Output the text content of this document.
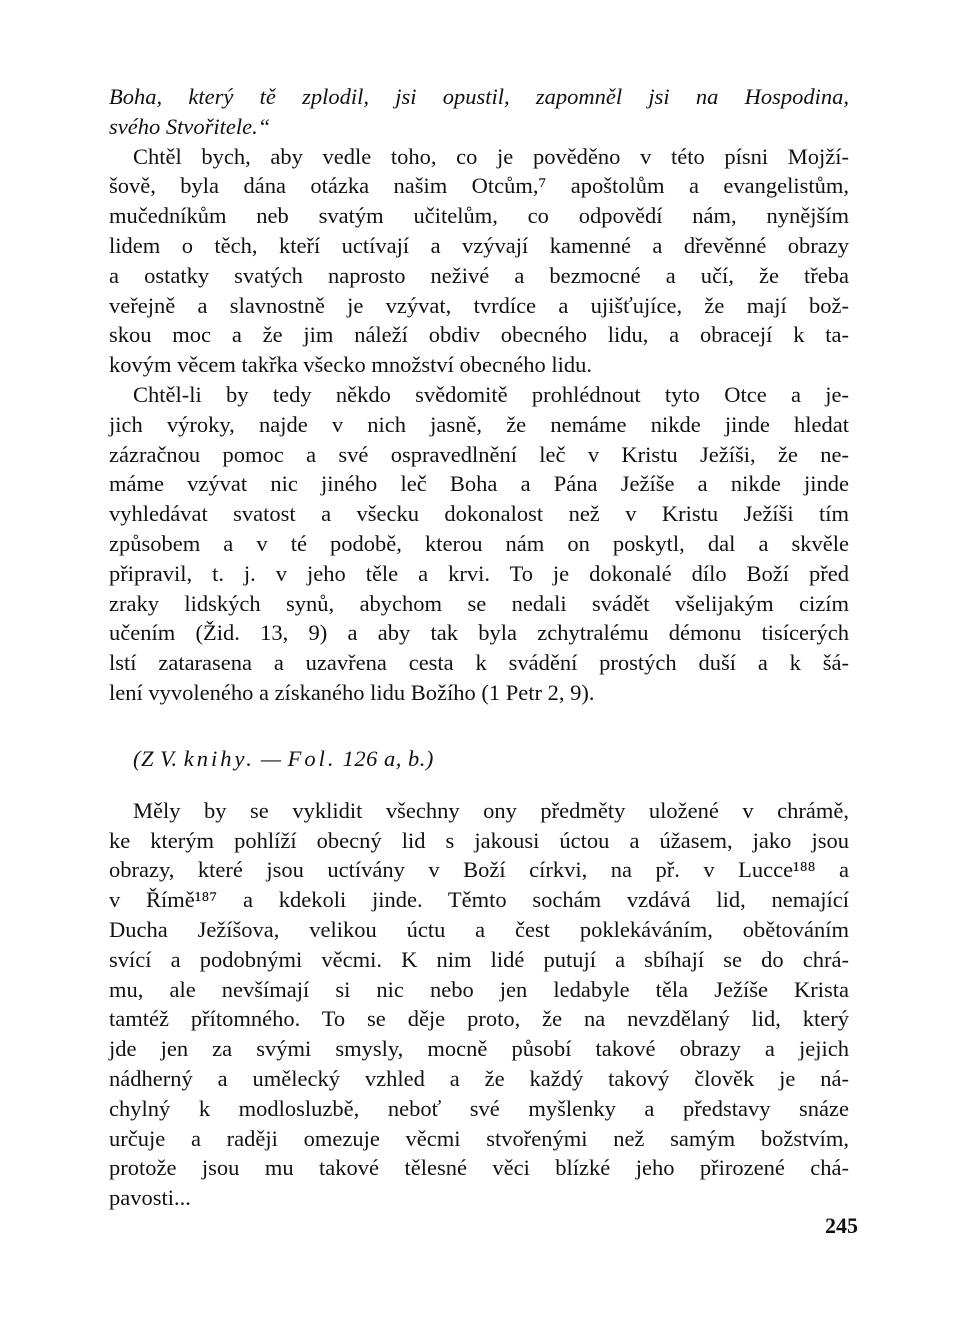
Boha, který tě zplodil, jsi opustil, zapomněl jsi na Hospodina,
svého Stvořitele.“
Chtěl bych, aby vedle toho, co je pověděno v této písni Mojží-
šově, byla dána otázka našim Otcům,⁷ apoštolům a evangelistům,
mučedníkům neb svatým učitelům, co odpovědí nám, nynějším
lidem o těch, kteří uctívají a vzývají kamenné a dřevěnné obrazy
a ostatky svatých naprosto neživé a bezmocné a učí, že třeba
veřejně a slavnostně je vzývat, tvrdíce a ujišťujíce, že mají bož-
skou moc a že jim náleží obdiv obecného lidu, a obracejí k ta-
kovým věcem takřka všecko množství obecného lidu.
Chtěl-li by tedy někdo svědomitě prohlédnout tyto Otce a je-
jich výroky, najde v nich jasně, že nemáme nikde jinde hledat
zázračnou pomoc a své ospravedlnění leč v Kristu Ježíši, že ne-
máme vzývat nic jiného leč Boha a Pána Ježíše a nikde jinde
vyhledávat svatost a všecku dokonalost než v Kristu Ježíši tím
způsobem a v té podobě, kterou nám on poskytl, dal a skvěle
připravil, t. j. v jeho těle a krvi. To je dokonalé dílo Boží před
zraky lidských synů, abychom se nedali svádět všelijakým cizím
učením (Žid. 13, 9) a aby tak byla zchytralému démonu tisícerých
lstí zatarasena a uzavřena cesta k svádění prostých duší a k šá-
lení vyvoleného a získaného lidu Božího (1 Petr 2, 9).
(Z V. knihy. — Fol. 126 a, b.)
Měly by se vyklidit všechny ony předměty uložené v chrámě,
ke kterým pohlíží obecný lid s jakousi úctou a úžasem, jako jsou
obrazy, které jsou uctívány v Boží církvi, na př. v Lucce¹⁸⁸ a
v Římě¹⁸⁷ a kdekoli jinde. Těmto sochám vzdává lid, nemající
Ducha Ježíšova, velikou úctu a čest poklekáváním, obětováním
svící a podobnými věcmi. K nim lidé putují a sbíhají se do chrá-
mu, ale nevšímají si nic nebo jen ledabyle těla Ježíše Krista
tamtéž přítomného. To se děje proto, že na nevzdělaný lid, který
jde jen za svými smysly, mocně působí takové obrazy a jejich
nádherný a umělecký vzhled a že každý takový člověk je ná-
chylný k modlosluzbě, neboť své myšlenky a představy snáze
určuje a raději omezuje věcmi stvořenými než samým božstvím,
protože jsou mu takové tělesné věci blízké jeho přirozené chá-
pavosti...
245
